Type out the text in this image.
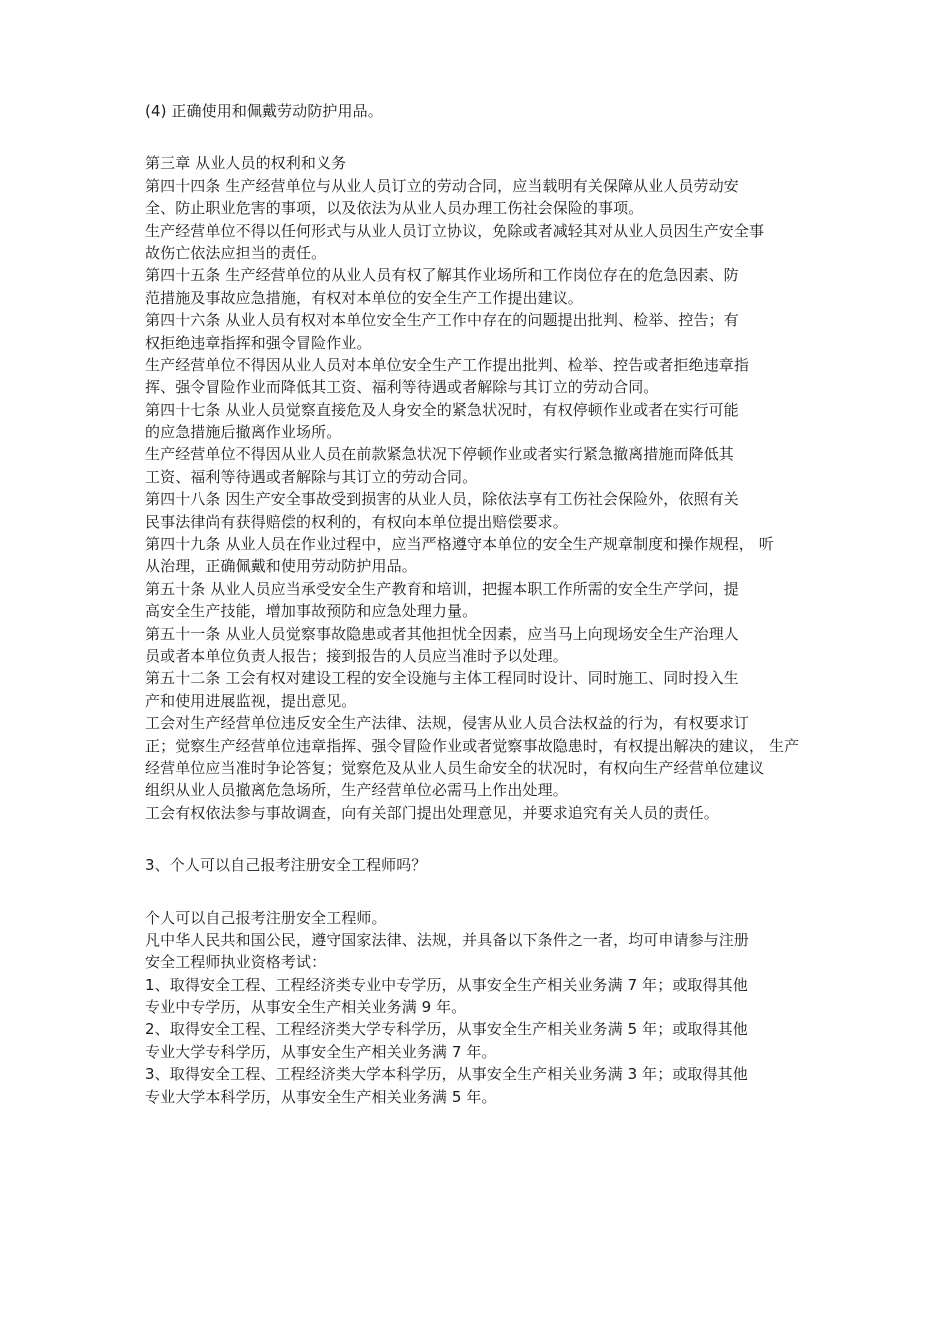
(4) 正确使用和佩戴劳动防护用品。
第三章 从业人员的权利和义务
第四十四条 生产经营单位与从业人员订立的劳动合同，应当载明有关保障从业人员劳动安
全、防止职业危害的事项，以及依法为从业人员办理工伤社会保险的事项。
生产经营单位不得以任何形式与从业人员订立协议，免除或者减轻其对从业人员因生产安全事
故伤亡依法应担当的责任。
第四十五条 生产经营单位的从业人员有权了解其作业场所和工作岗位存在的危急因素、防
范措施及事故应急措施，有权对本单位的安全生产工作提出建议。
第四十六条 从业人员有权对本单位安全生产工作中存在的问题提出批判、检举、控告；有
权拒绝违章指挥和强令冒险作业。
生产经营单位不得因从业人员对本单位安全生产工作提出批判、检举、控告或者拒绝违章指
挥、强令冒险作业而降低其工资、福利等待遇或者解除与其订立的劳动合同。
第四十七条 从业人员觉察直接危及人身安全的紧急状况时，有权停顿作业或者在实行可能
的应急措施后撤离作业场所。
生产经营单位不得因从业人员在前款紧急状况下停顿作业或者实行紧急撤离措施而降低其
工资、福利等待遇或者解除与其订立的劳动合同。
第四十八条 因生产安全事故受到损害的从业人员，除依法享有工伤社会保险外，依照有关
民事法律尚有获得赔偿的权利的，有权向本单位提出赔偿要求。
第四十九条 从业人员在作业过程中，应当严格遵守本单位的安全生产规章制度和操作规程， 听
从治理，正确佩戴和使用劳动防护用品。
第五十条 从业人员应当承受安全生产教育和培训，把握本职工作所需的安全生产学问，提
高安全生产技能，增加事故预防和应急处理力量。
第五十一条 从业人员觉察事故隐患或者其他担忧全因素，应当马上向现场安全生产治理人
员或者本单位负责人报告；接到报告的人员应当准时予以处理。
第五十二条 工会有权对建设工程的安全设施与主体工程同时设计、同时施工、同时投入生
产和使用进展监视，提出意见。
工会对生产经营单位违反安全生产法律、法规，侵害从业人员合法权益的行为，有权要求订
正；觉察生产经营单位违章指挥、强令冒险作业或者觉察事故隐患时，有权提出解决的建议， 生产
经营单位应当准时争论答复；觉察危及从业人员生命安全的状况时，有权向生产经营单位建议
组织从业人员撤离危急场所，生产经营单位必需马上作出处理。
工会有权依法参与事故调查，向有关部门提出处理意见，并要求追究有关人员的责任。
3、个人可以自己报考注册安全工程师吗？
个人可以自己报考注册安全工程师。
凡中华人民共和国公民，遵守国家法律、法规，并具备以下条件之一者，均可申请参与注册
安全工程师执业资格考试：
1、取得安全工程、工程经济类专业中专学历，从事安全生产相关业务满 7 年；或取得其他
专业中专学历，从事安全生产相关业务满 9 年。
2、取得安全工程、工程经济类大学专科学历，从事安全生产相关业务满 5 年；或取得其他
专业大学专科学历，从事安全生产相关业务满 7 年。
3、取得安全工程、工程经济类大学本科学历，从事安全生产相关业务满 3 年；或取得其他
专业大学本科学历，从事安全生产相关业务满 5 年。
